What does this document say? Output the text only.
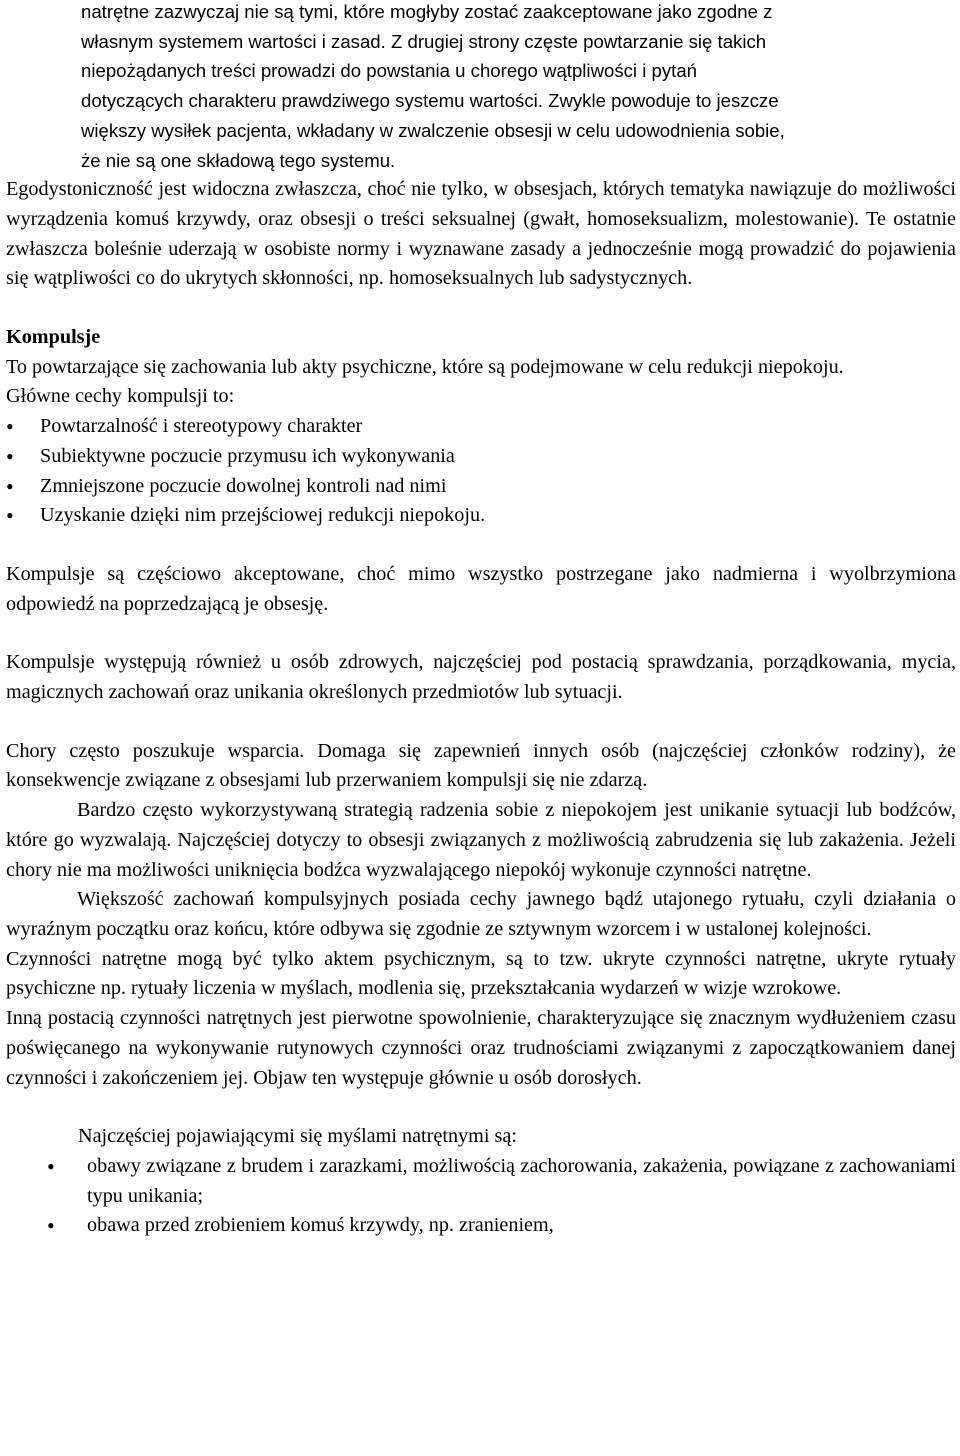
natrętne zazwyczaj nie są tymi, które mogłyby zostać zaakceptowane jako zgodne z
własnym systemem wartości i zasad. Z drugiej strony częste powtarzanie się takich
niepożądanych treści prowadzi do powstania u chorego wątpliwości i pytań
dotyczących charakteru prawdziwego systemu wartości. Zwykle powoduje to jeszcze
większy wysiłek pacjenta, wkładany w zwalczenie obsesji w celu udowodnienia sobie,
że nie są one składową tego systemu.

Egodystoniczność jest widoczna zwłaszcza, choć nie tylko, w obsesjach, których tematyka nawiązuje do możliwości wyrządzenia komuś krzywdy, oraz obsesji o treści seksualnej (gwałt, homoseksualizm, molestowanie). Te ostatnie zwłaszcza boleśnie uderzają w osobiste normy i wyznawane zasady a jednocześnie mogą prowadzić do pojawienia się wątpliwości co do ukrytych skłonności, np. homoseksualnych lub sadystycznych.

Kompulsje

To powtarzające się zachowania lub akty psychiczne, które są podejmowane w celu redukcji niepokoju.

Główne cechy kompulsji to:

• Powtarzalność i stereotypowy charakter
• Subiektywne poczucie przymusu ich wykonywania
• Zmniejszone poczucie dowolnej kontroli nad nimi
• Uzyskanie dzięki nim przejściowej redukcji niepokoju.

Kompulsje są częściowo akceptowane, choć mimo wszystko postrzegane jako nadmierna i wyolbrzymiona odpowiedź na poprzedzającą je obsesję.

Kompulsje występują również u osób zdrowych, najczęściej pod postacią sprawdzania, porządkowania, mycia, magicznych zachowań oraz unikania określonych przedmiotów lub sytuacji.

Chory często poszukuje wsparcia. Domaga się zapewnień innych osób (najczęściej członków rodziny), że konsekwencje związane z obsesjami lub przerwaniem kompulsji się nie zdarzą.

Bardzo często wykorzystywaną strategią radzenia sobie z niepokojem jest unikanie sytuacji lub bodźców, które go wyzwalają. Najczęściej dotyczy to obsesji związanych z możliwością zabrudzenia się lub zakażenia. Jeżeli chory nie ma możliwości uniknięcia bodźca wyzwalającego niepokój wykonuje czynności natrętne.

Większość zachowań kompulsyjnych posiada cechy jawnego bądź utajonego rytuału, czyli działania o wyraźnym początku oraz końcu, które odbywa się zgodnie ze sztywnym wzorcem i w ustalonej kolejności.

Czynności natrętne mogą być tylko aktem psychicznym, są to tzw. ukryte czynności natrętne, ukryte rytuały psychiczne np. rytuały liczenia w myślach, modlenia się, przekształcania wydarzeń w wizje wzrokowe.

Inną postacią czynności natrętnych jest pierwotne spowolnienie, charakteryzujące się znacznym wydłużeniem czasu poświęcanego na wykonywanie rutynowych czynności oraz trudnościami związanymi z zapoczątkowaniem danej czynności i zakończeniem jej. Objaw ten występuje głównie u osób dorosłych.

Najczęściej pojawiającymi się myślami natrętnymi są:

• obawy związane z brudem i zarazkami, możliwością zachorowania, zakażenia, powiązane z zachowaniami typu unikania;
• obawa przed zrobieniem komuś krzywdy, np. zranieniem,
